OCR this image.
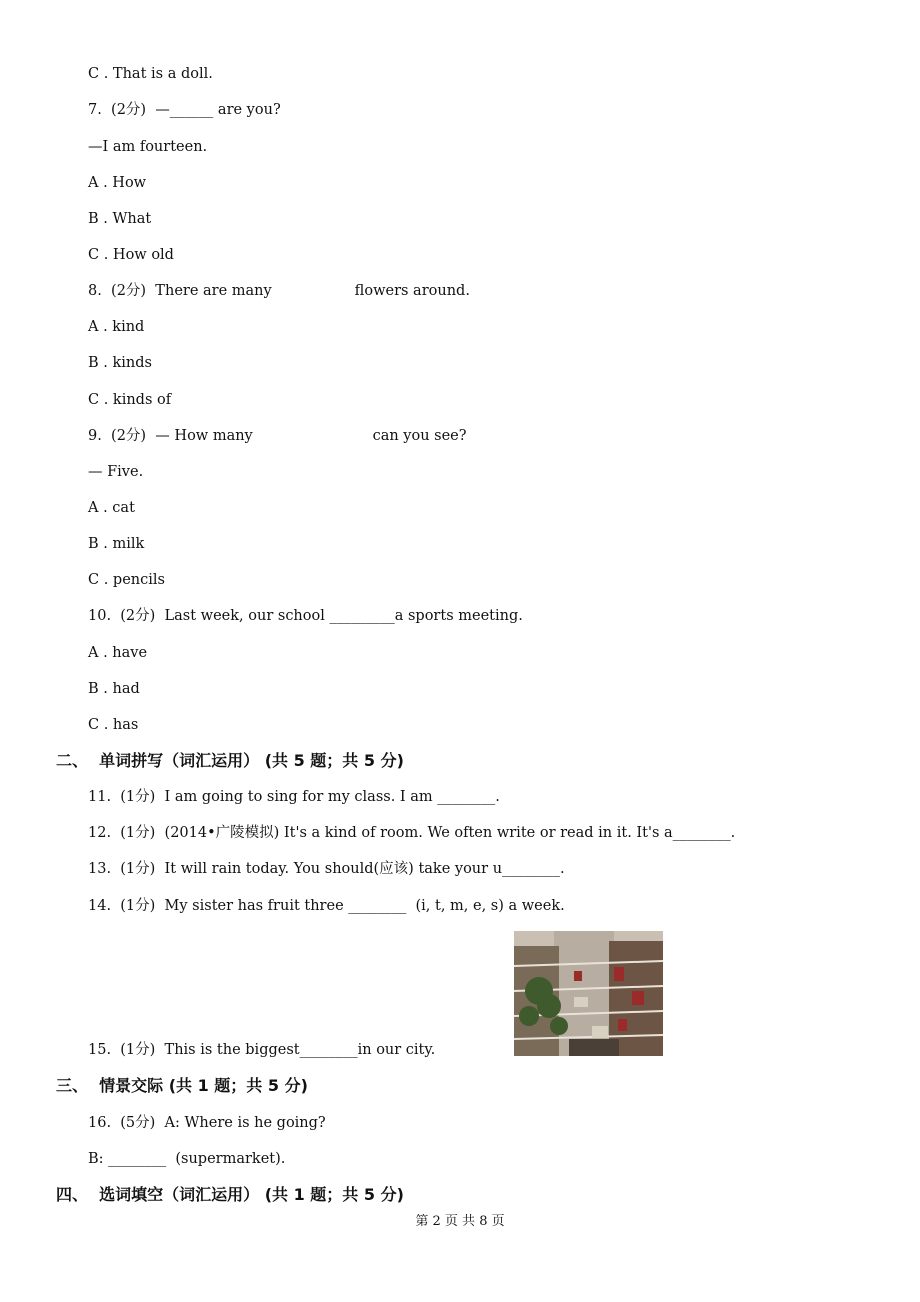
C . That is a doll.
7.  (2分)  —______ are you?
—I am fourteen.
A . How
B . What
C . How old
8.  (2分)  There are many                  flowers around.
A . kind
B . kinds
C . kinds of
9.  (2分)  — How many                          can you see?
— Five.
A . cat
B . milk
C . pencils
10.  (2分)  Last week, our school _________a sports meeting.
A . have
B . had
C . has
二、  单词拼写（词汇运用） (共 5 题；共 5 分)
11.  (1分)  I am going to sing for my class. I am ________.
12.  (1分)  (2014•广陵模拟) It's a kind of room. We often write or read in it. It's a________.
13.  (1分)  It will rain today. You should(应该) take your u________.
14.  (1分)  My sister has fruit three ________  (i, t, m, e, s) a week.
15.  (1分)  This is the biggest________in our city.
三、  情景交际 (共 1 题；共 5 分)
16.  (5分)  A: Where is he going?
B: ________  (supermarket).
四、  选词填空（词汇运用） (共 1 题；共 5 分)
第 2 页 共 8 页
